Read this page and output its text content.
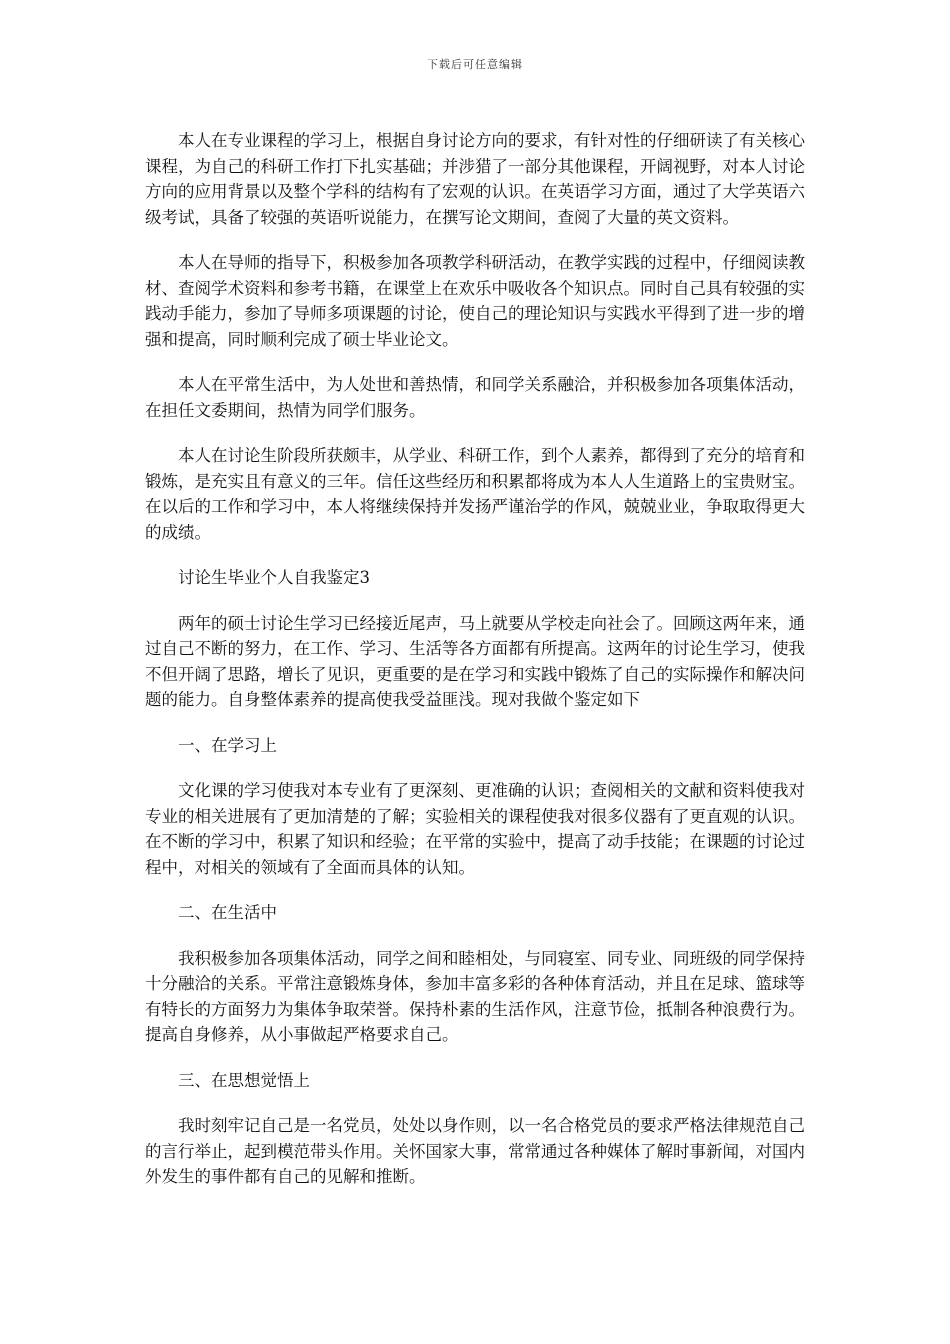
下载后可任意编辑

本人在专业课程的学习上，根据自身讨论方向的要求，有针对性的仔细研读了有关核心课程，为自己的科研工作打下扎实基础；并涉猎了一部分其他课程，开阔视野，对本人讨论方向的应用背景以及整个学科的结构有了宏观的认识。在英语学习方面，通过了大学英语六级考试，具备了较强的英语听说能力，在撰写论文期间，查阅了大量的英文资料。

本人在导师的指导下，积极参加各项教学科研活动，在教学实践的过程中，仔细阅读教材、查阅学术资料和参考书籍，在课堂上在欢乐中吸收各个知识点。同时自己具有较强的实践动手能力，参加了导师多项课题的讨论，使自己的理论知识与实践水平得到了进一步的增强和提高，同时顺利完成了硕士毕业论文。

本人在平常生活中，为人处世和善热情，和同学关系融洽，并积极参加各项集体活动，在担任文委期间，热情为同学们服务。

本人在讨论生阶段所获颇丰，从学业、科研工作，到个人素养，都得到了充分的培育和锻炼，是充实且有意义的三年。信任这些经历和积累都将成为本人人生道路上的宝贵财宝。在以后的工作和学习中，本人将继续保持并发扬严谨治学的作风，兢兢业业，争取取得更大的成绩。

讨论生毕业个人自我鉴定3

两年的硕士讨论生学习已经接近尾声，马上就要从学校走向社会了。回顾这两年来，通过自己不断的努力，在工作、学习、生活等各方面都有所提高。这两年的讨论生学习，使我不但开阔了思路，增长了见识，更重要的是在学习和实践中锻炼了自己的实际操作和解决问题的能力。自身整体素养的提高使我受益匪浅。现对我做个鉴定如下

一、在学习上

文化课的学习使我对本专业有了更深刻、更准确的认识；查阅相关的文献和资料使我对专业的相关进展有了更加清楚的了解；实验相关的课程使我对很多仪器有了更直观的认识。在不断的学习中，积累了知识和经验；在平常的实验中，提高了动手技能；在课题的讨论过程中，对相关的领域有了全面而具体的认知。

二、在生活中

我积极参加各项集体活动，同学之间和睦相处，与同寝室、同专业、同班级的同学保持十分融洽的关系。平常注意锻炼身体，参加丰富多彩的各种体育活动，并且在足球、篮球等有特长的方面努力为集体争取荣誉。保持朴素的生活作风，注意节俭，抵制各种浪费行为。提高自身修养，从小事做起严格要求自己。

三、在思想觉悟上

我时刻牢记自己是一名党员，处处以身作则，以一名合格党员的要求严格法律规范自己的言行举止，起到模范带头作用。关怀国家大事，常常通过各种媒体了解时事新闻，对国内外发生的事件都有自己的见解和推断。
